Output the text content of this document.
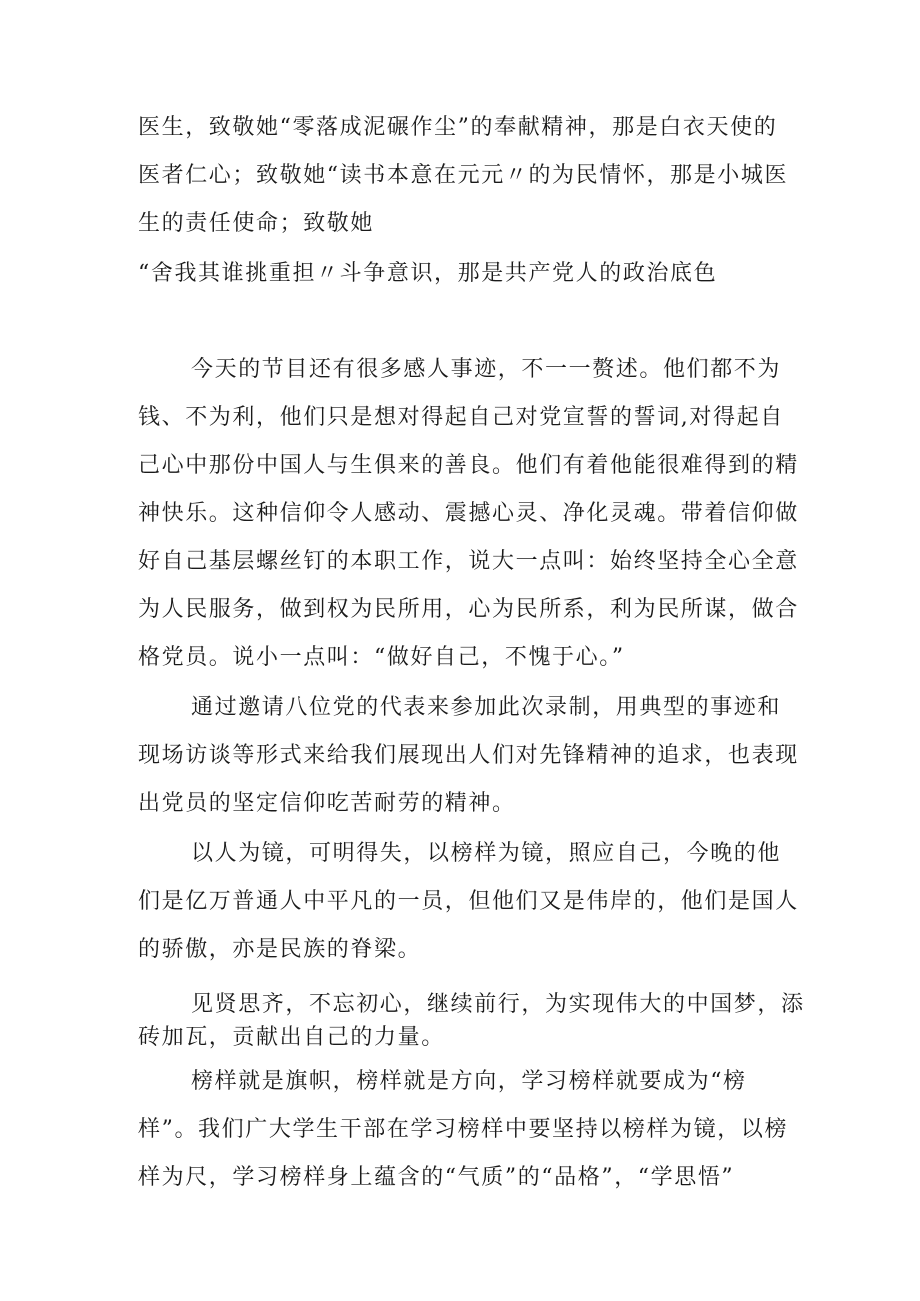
医生，致敬她“零落成泥碾作尘”的奉献精神，那是白衣天使的
医者仁心；致敬她“读书本意在元元〃的为民情怀，那是小城医
生的责任使命；致敬她
“舍我其谁挑重担〃斗争意识，那是共产党人的政治底色
今天的节目还有很多感人事迹，不一一赘述。他们都不为
钱、不为利，他们只是想对得起自己对党宣誓的誓词,对得起自
己心中那份中国人与生俱来的善良。他们有着他能很难得到的精
神快乐。这种信仰令人感动、震撼心灵、净化灵魂。带着信仰做
好自己基层螺丝钉的本职工作，说大一点叫：始终坚持全心全意
为人民服务，做到权为民所用，心为民所系，利为民所谋，做合
格党员。说小一点叫：“做好自己，不愧于心。”
通过邀请八位党的代表来参加此次录制，用典型的事迹和
现场访谈等形式来给我们展现出人们对先锋精神的追求，也表现
出党员的坚定信仰吃苦耐劳的精神。
以人为镜，可明得失，以榜样为镜，照应自己，今晚的他
们是亿万普通人中平凡的一员，但他们又是伟岸的，他们是国人
的骄傲，亦是民族的脊梁。
见贤思齐，不忘初心，继续前行，为实现伟大的中国梦，添
砖加瓦，贡献出自己的力量。
榜样就是旗帜，榜样就是方向，学习榜样就要成为“榜
样”。我们广大学生干部在学习榜样中要坚持以榜样为镜，以榜
样为尺，学习榜样身上蕴含的“气质”的“品格”，“学思悟”
